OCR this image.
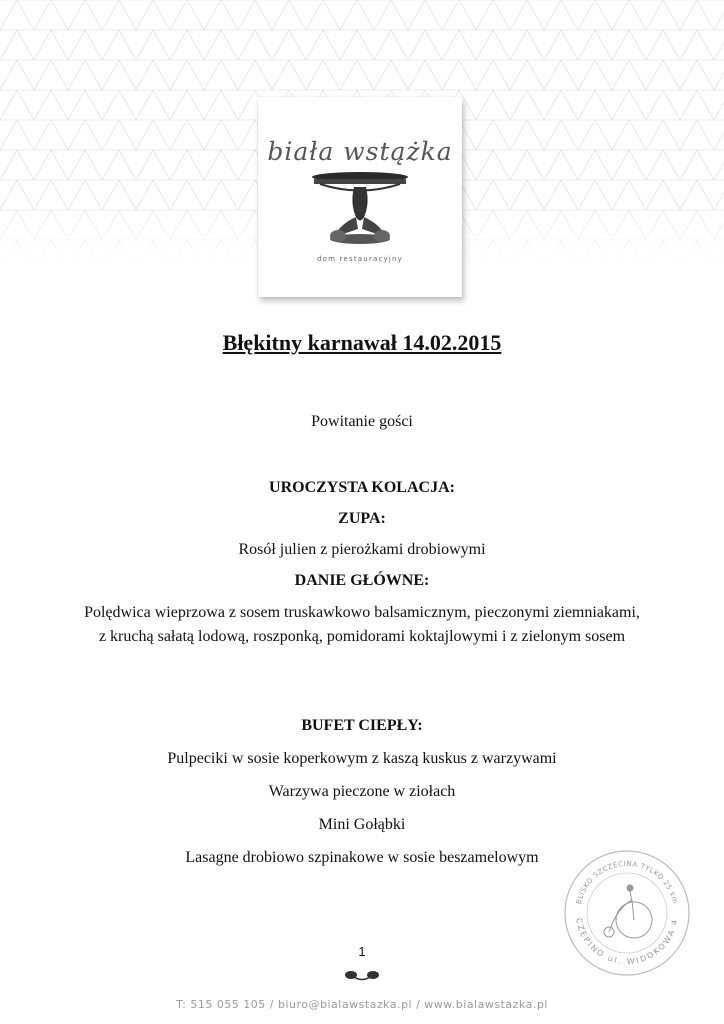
biała wstążka
dom restauracyjny
Błękitny karnawał 14.02.2015
Powitanie gości
UROCZYSTA KOLACJA:
ZUPA:
Rosół julien z pierożkami drobiowymi
DANIE GŁÓWNE:
Polędwica wieprzowa z sosem truskawkowo balsamicznym, pieczonymi ziemniakami, z kruchą sałatą lodową, roszponką, pomidorami koktajlowymi i z zielonym sosem
BUFET CIEPŁY:
Pulpeciki w sosie koperkowym z kaszą kuskus z warzywami
Warzywa pieczone w ziołach
Mini Gołąbki
Lasagne drobiowo szpinakowe w sosie beszamelowym
BLISKO SZCZECINA TYLKO 25 km
CZEPINO ul. WIDOKOWA 4
1
T: 515 055 105 / biuro@bialawstazka.pl / www.bialawstazka.pl
